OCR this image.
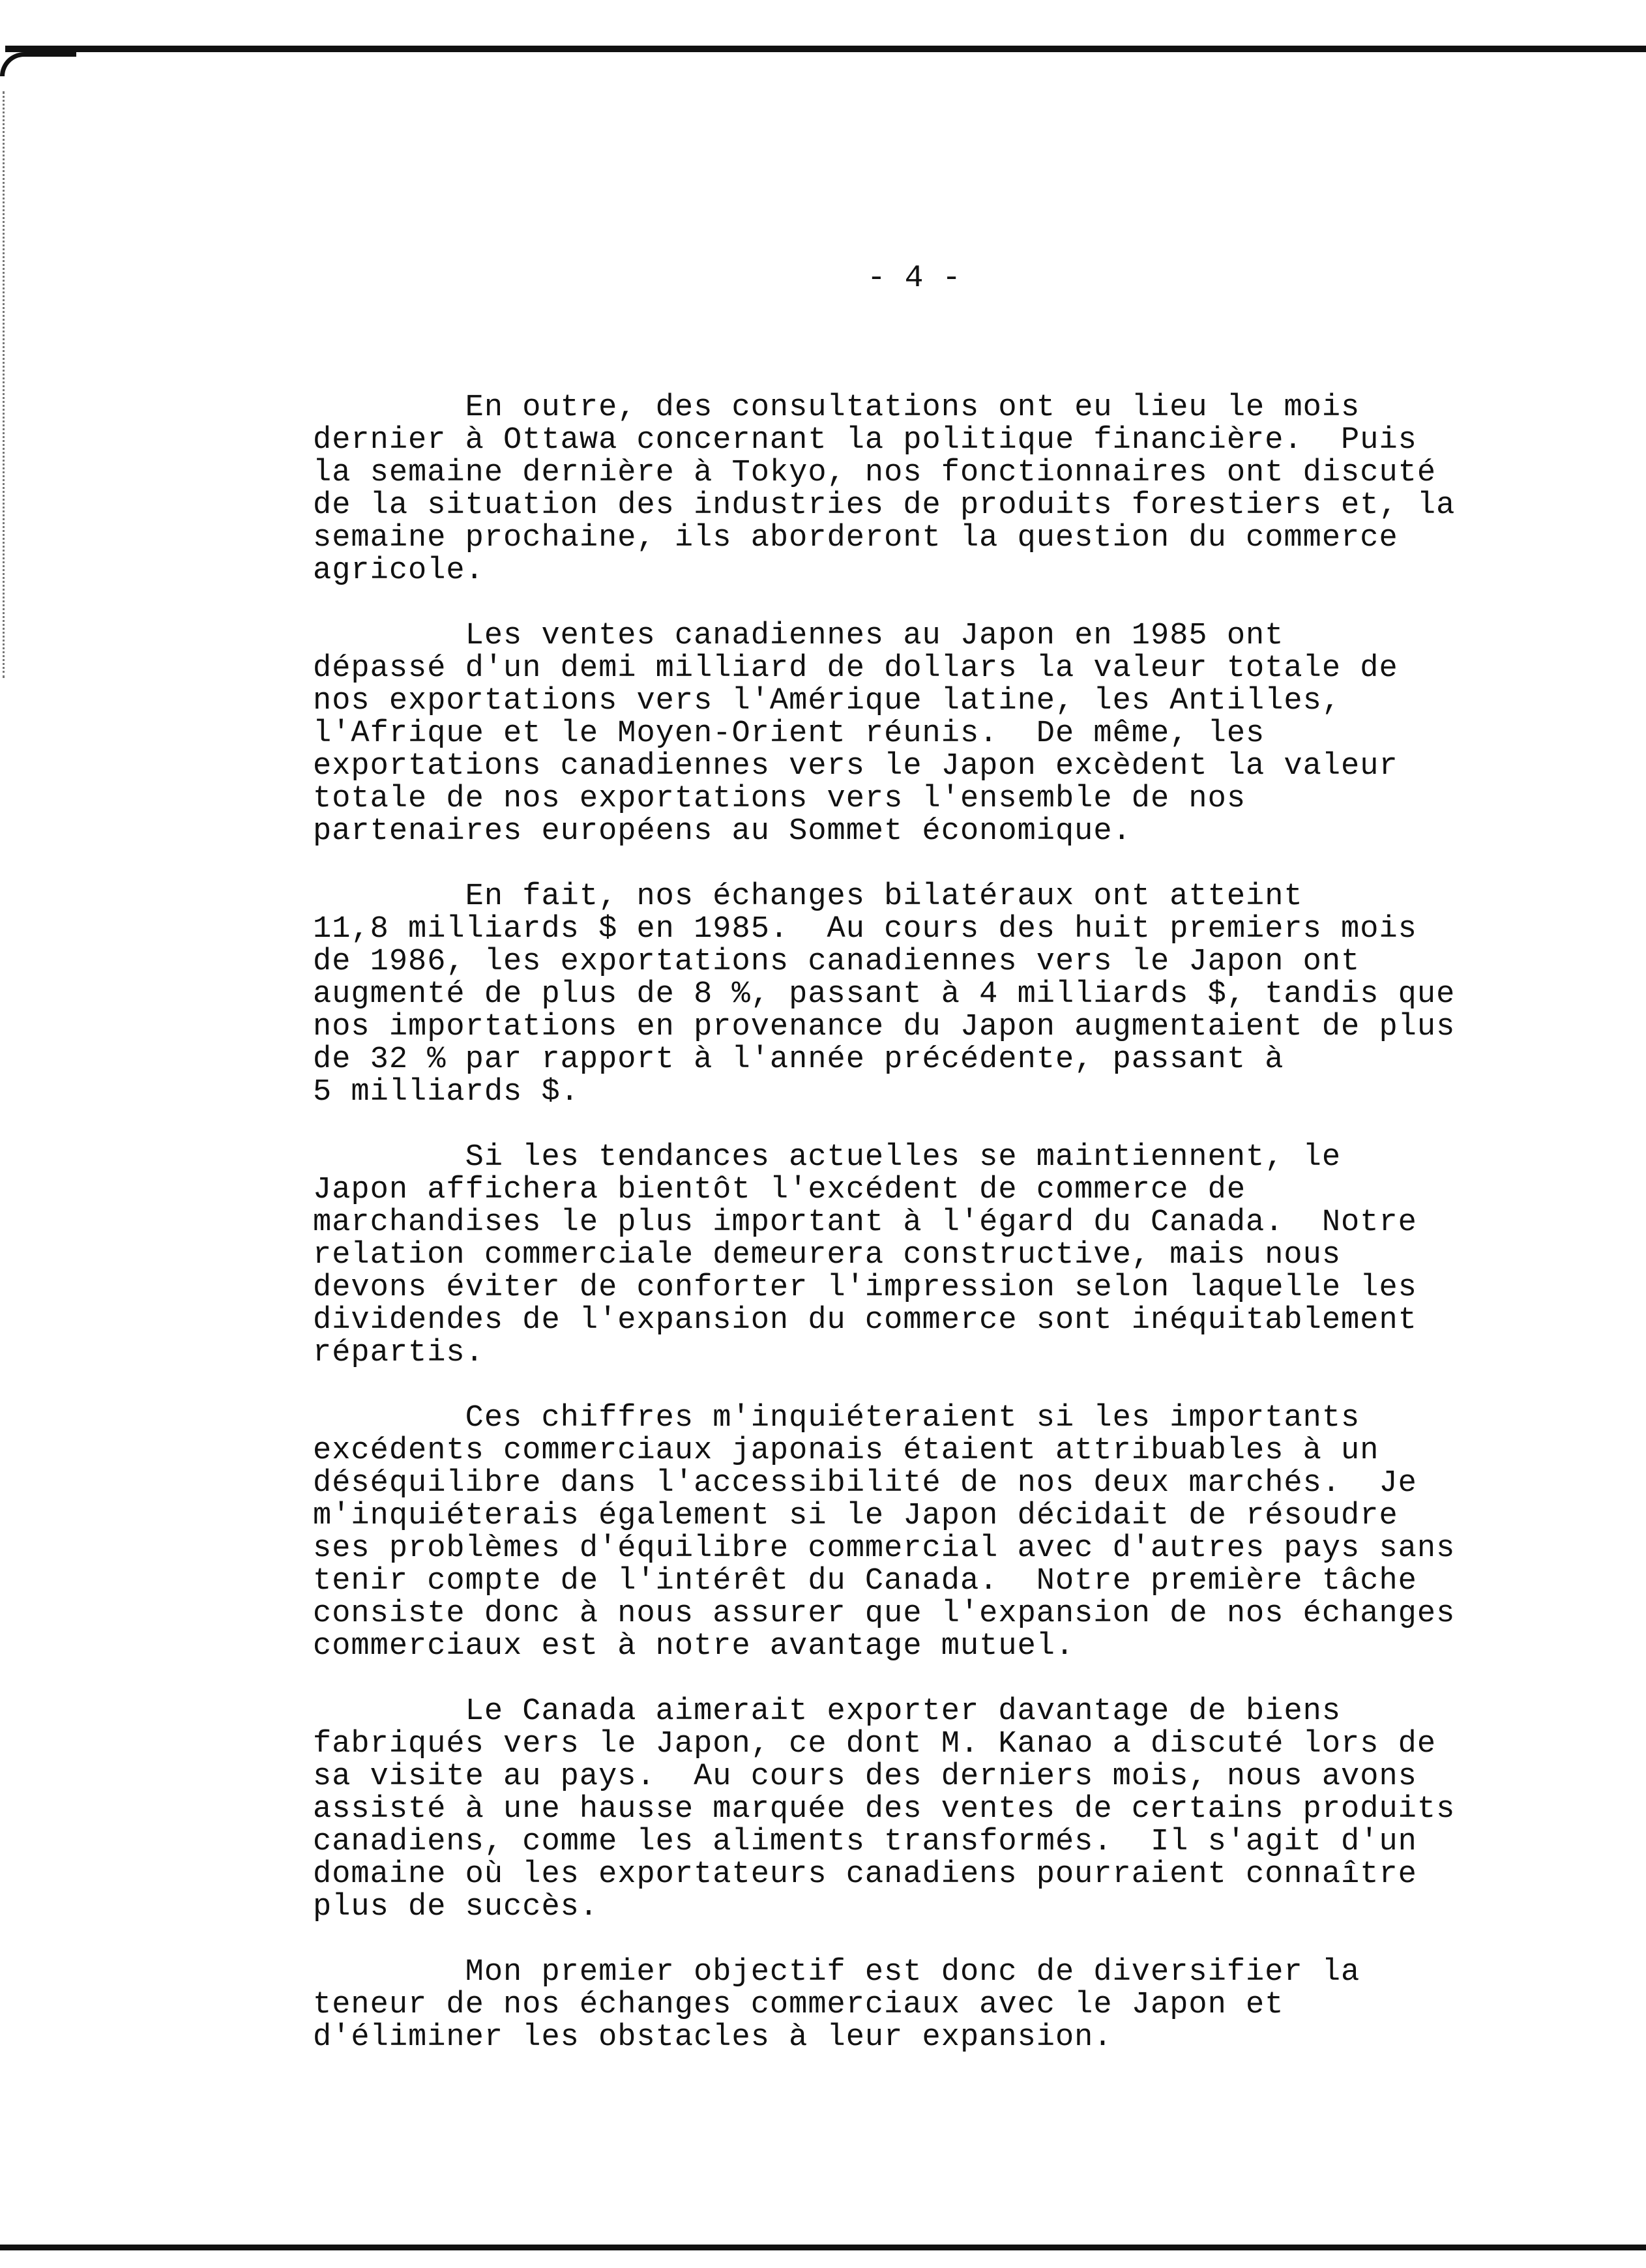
- 4 -

En outre, des consultations ont eu lieu le mois
dernier à Ottawa concernant la politique financière.  Puis
la semaine dernière à Tokyo, nos fonctionnaires ont discuté
de la situation des industries de produits forestiers et, la
semaine prochaine, ils aborderont la question du commerce
agricole.

Les ventes canadiennes au Japon en 1985 ont
dépassé d'un demi milliard de dollars la valeur totale de
nos exportations vers l'Amérique latine, les Antilles,
l'Afrique et le Moyen-Orient réunis.  De même, les
exportations canadiennes vers le Japon excèdent la valeur
totale de nos exportations vers l'ensemble de nos
partenaires européens au Sommet économique.

En fait, nos échanges bilatéraux ont atteint
11,8 milliards $ en 1985.  Au cours des huit premiers mois
de 1986, les exportations canadiennes vers le Japon ont
augmenté de plus de 8 %, passant à 4 milliards $, tandis que
nos importations en provenance du Japon augmentaient de plus
de 32 % par rapport à l'année précédente, passant à
5 milliards $.

Si les tendances actuelles se maintiennent, le
Japon affichera bientôt l'excédent de commerce de
marchandises le plus important à l'égard du Canada.  Notre
relation commerciale demeurera constructive, mais nous
devons éviter de conforter l'impression selon laquelle les
dividendes de l'expansion du commerce sont inéquitablement
répartis.

Ces chiffres m'inquiéteraient si les importants
excédents commerciaux japonais étaient attribuables à un
déséquilibre dans l'accessibilité de nos deux marchés.  Je
m'inquiéterais également si le Japon décidait de résoudre
ses problèmes d'équilibre commercial avec d'autres pays sans
tenir compte de l'intérêt du Canada.  Notre première tâche
consiste donc à nous assurer que l'expansion de nos échanges
commerciaux est à notre avantage mutuel.

Le Canada aimerait exporter davantage de biens
fabriqués vers le Japon, ce dont M. Kanao a discuté lors de
sa visite au pays.  Au cours des derniers mois, nous avons
assisté à une hausse marquée des ventes de certains produits
canadiens, comme les aliments transformés.  Il s'agit d'un
domaine où les exportateurs canadiens pourraient connaître
plus de succès.

Mon premier objectif est donc de diversifier la
teneur de nos échanges commerciaux avec le Japon et
d'éliminer les obstacles à leur expansion.
